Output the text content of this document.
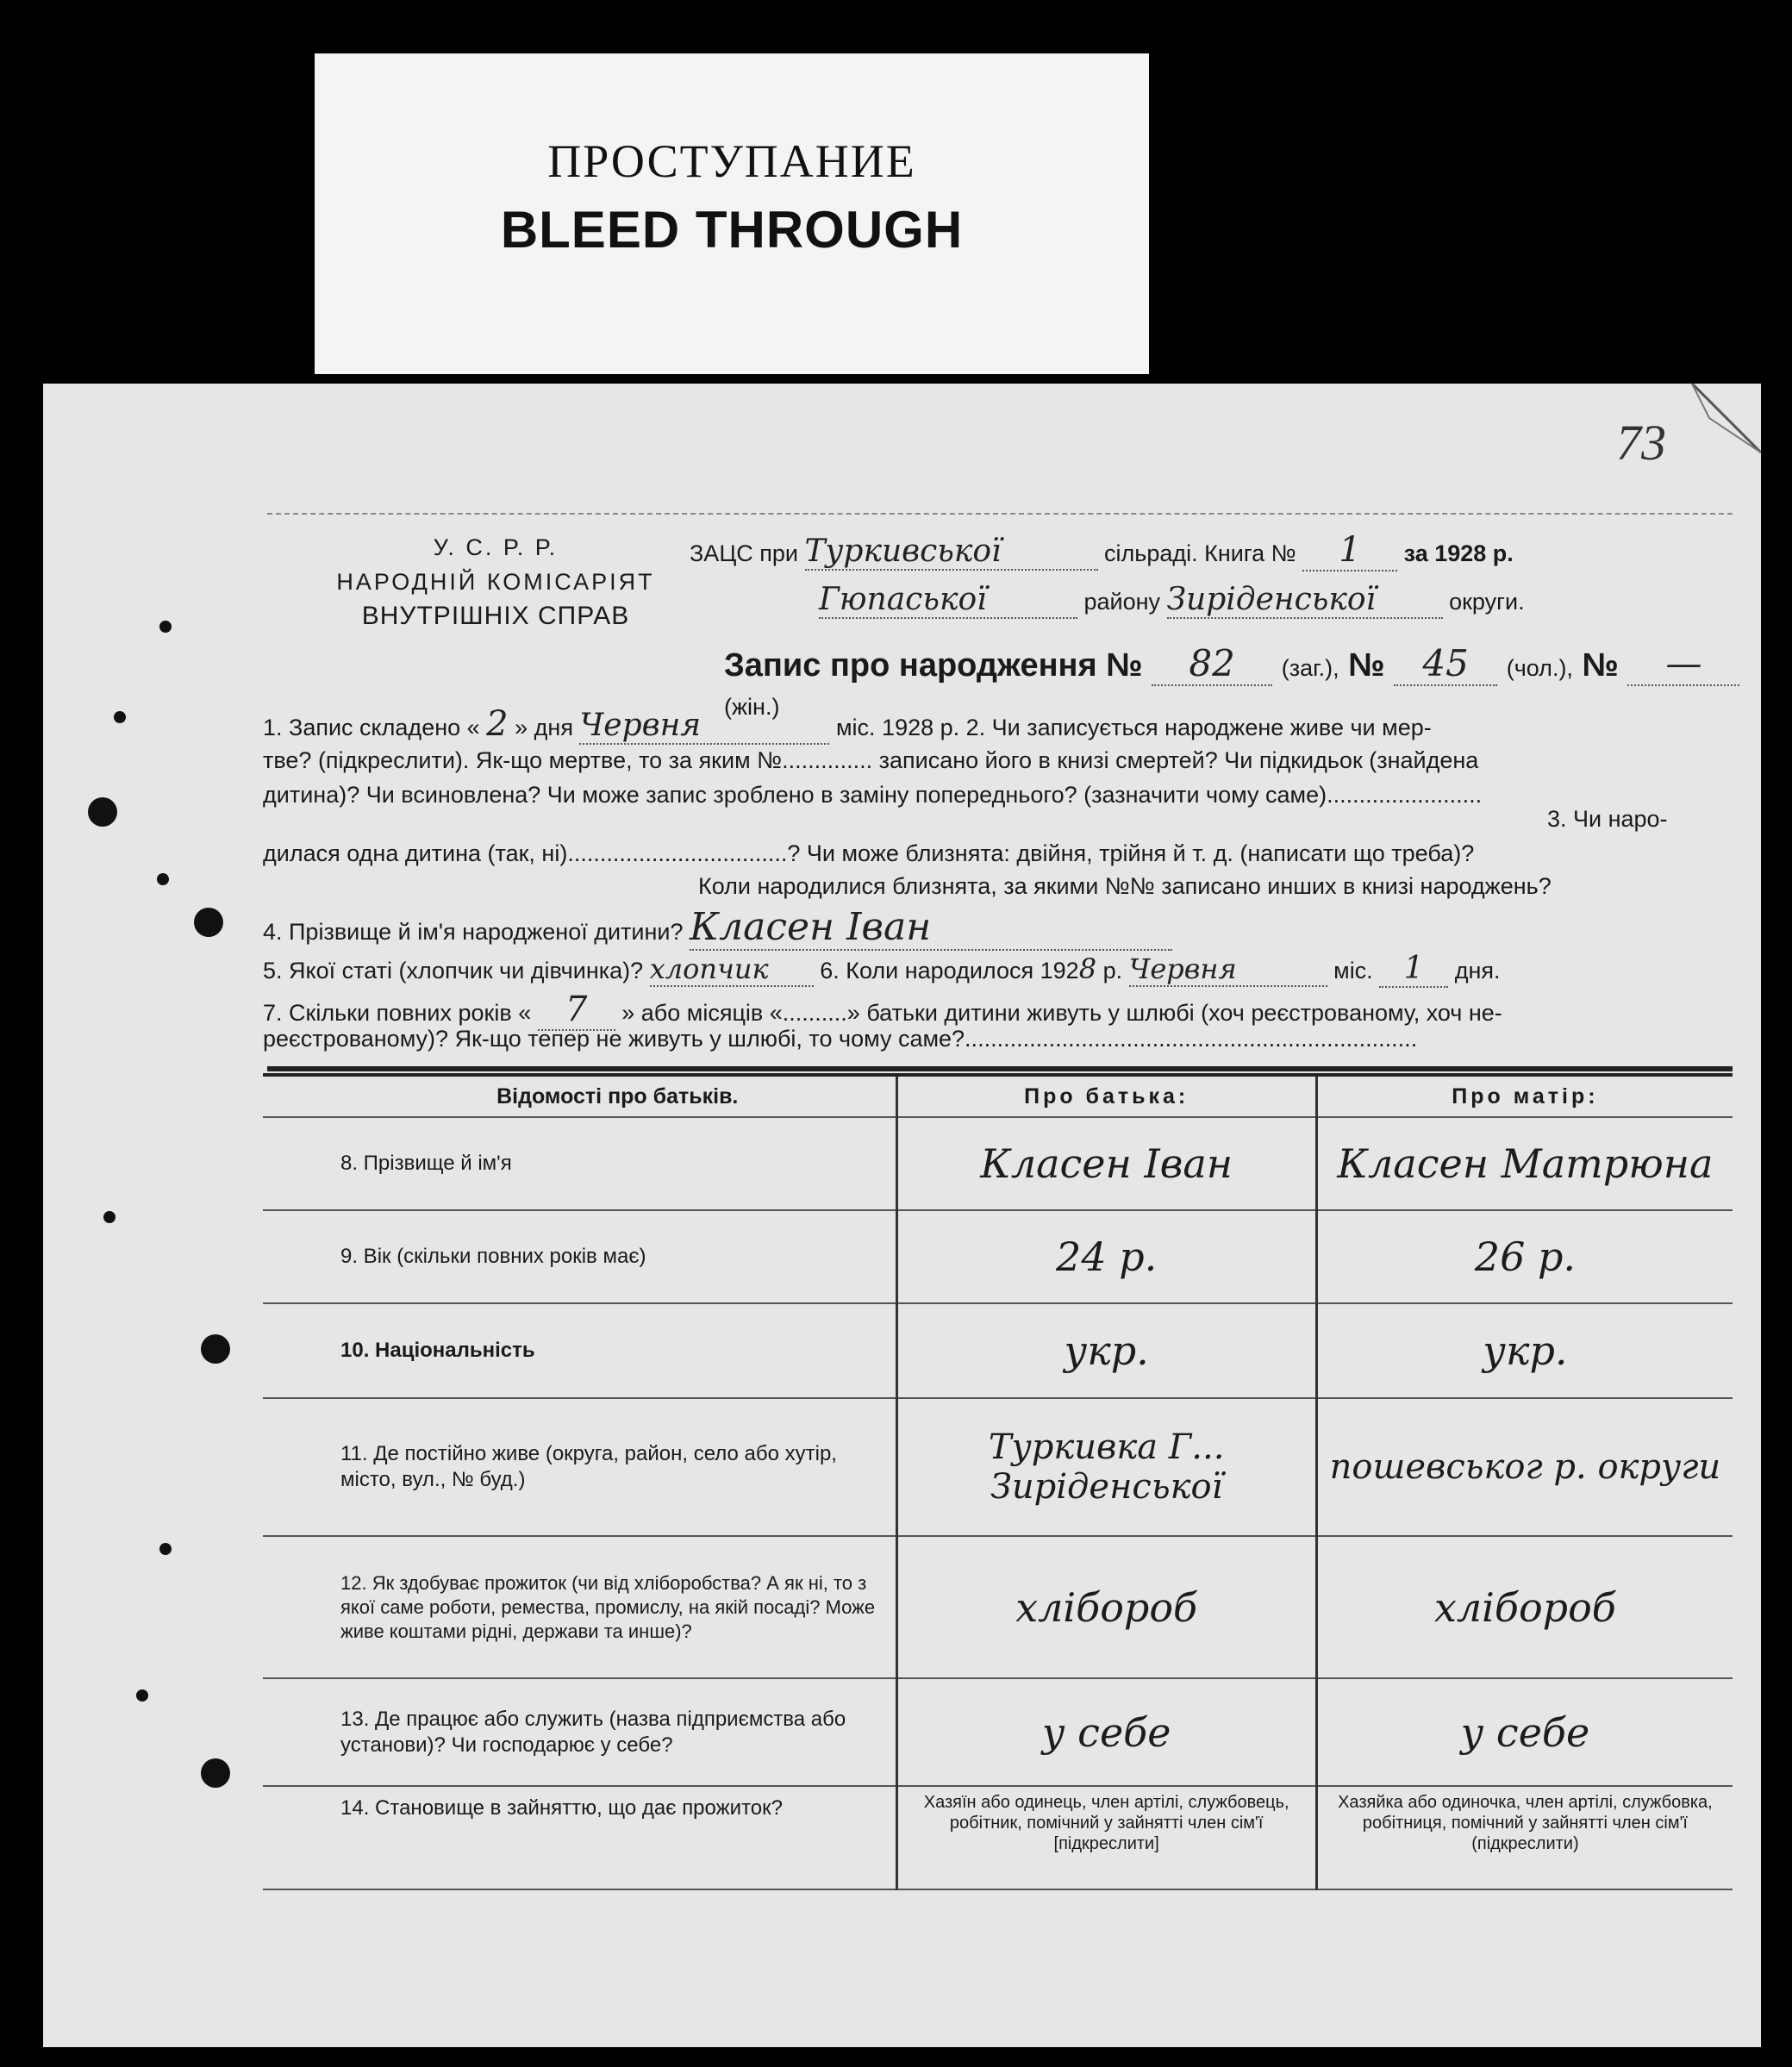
ПРОСТУПАНИЕ
BLEED THROUGH
73
У. С. Р. Р.
НАРОДНІЙ КОМІСАРІЯТ
ВНУТРІШНІХ СПРАВ
ЗАЦС при Туркивської	сільраді. Книга № 1 за 1928 р.
Гюпаської	району Зиріденської	округи.
Запис про народження № 82 (заг.), № 45 (чол.), № — (жін.)
1. Запис складено « 2 » дня Червня	міс. 1928 р. 2. Чи записується народжене живе чи мер-
тве? (підкреслити). Як-що мертве, то за яким №.............. записано його в книзі смертей? Чи підкидьок (знайдена
дитина)? Чи всиновлена? Чи може запис зроблено в заміну попереднього? (зазначити чому саме)........................
3. Чи наро-
дилася одна дитина (так, ні)..................................? Чи може близнята: двійня, трійня й т. д. (написати що треба)?
Коли народилися близнята, за якими №№ записано инших в книзі народжень?
4. Прізвище й ім'я народженої дитини? Класен Іван
5. Якої статі (хлопчик чи дівчинка)? хлопчик 6. Коли народилося 1928 р. Червня	міс. 1 дня.
7. Скільки повних років « 7 » або місяців «..........» батьки дитини живуть у шлюбі (хоч реєстрованому, хоч не-
реєстрованому)? Як-що тепер не живуть у шлюбі, то чому саме?......................................................................
Відомості про батьків.	Про батька:	Про матір:
8. Прізвище й ім'я	Класен Іван	Класен Матрюна
9. Вік (скільки повних років має)	24 р.	26 р.
10. Національність	укр.	укр.
11. Де постійно живе (округа, район, село або хутір, місто, вул., № буд.)	Туркивка Г... Зиріденської	пошевськог р. округи
12. Як здобуває прожиток (чи від хліборобства? А як ні, то з якої саме роботи, ремества, промислу, на якій посаді? Може живе коштами рідні, держави та инше)?	хлібороб	хлібороб
13. Де працює або служить (назва підприємства або установи)? Чи господарює у себе?	у себе	у себе
14. Становище в зайняттю, що дає прожиток?	Хазяїн або одинець, член артілі, службовець, робітник, помічний у зайнятті член сім'ї [підкреслити]	Хазяйка або одиночка, член артілі, службовка, робітниця, помічний у зайнятті член сім'ї (підкреслити)
